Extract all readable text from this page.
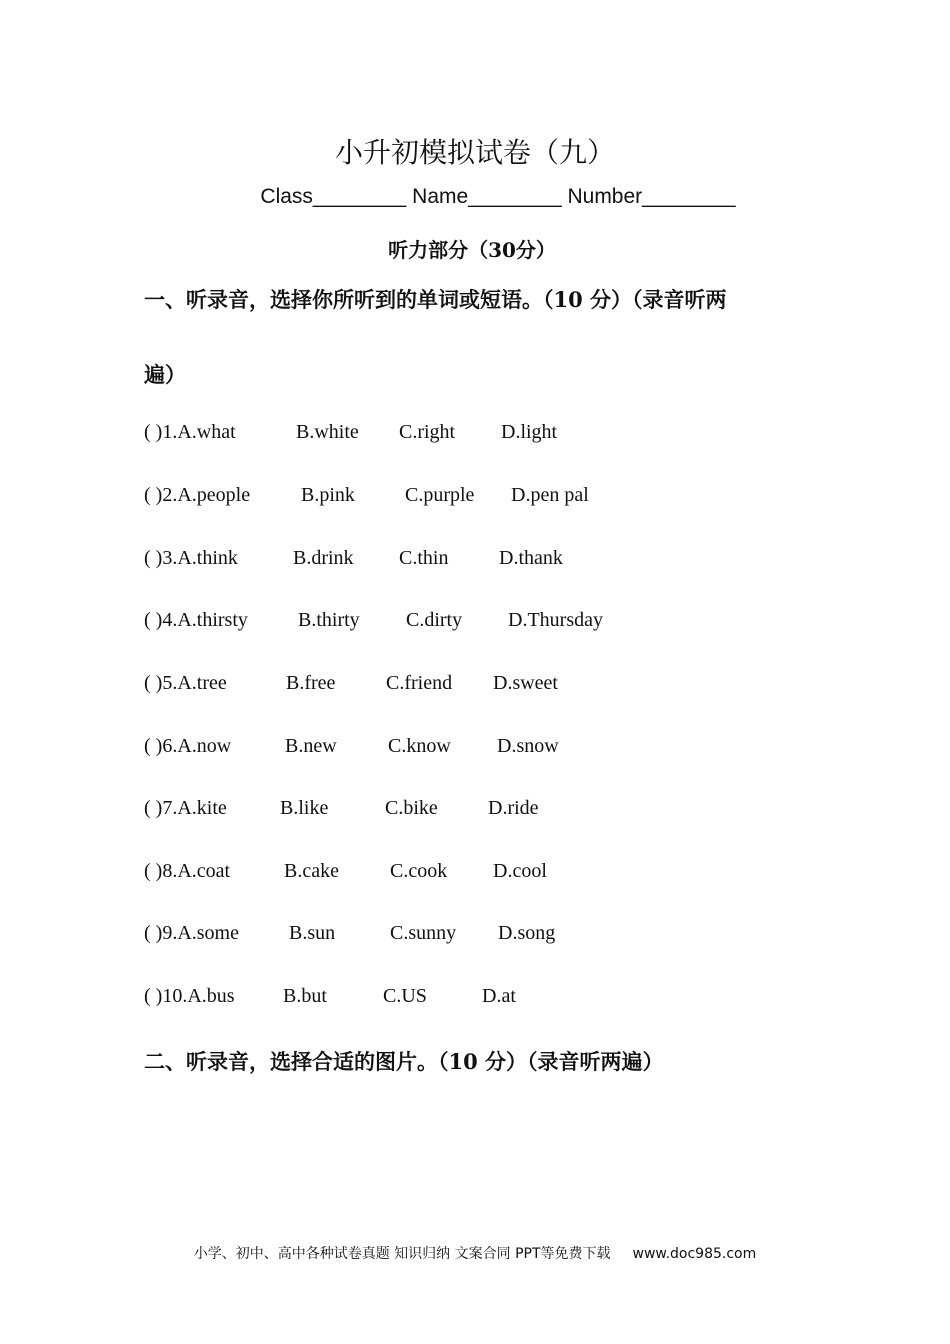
小升初模拟试卷（九）
Class________ Name________ Number________
听力部分（30分）
一、听录音，选择你所听到的单词或短语。（10 分）（录音听两
遍）
( )1.A.what	B.white C.right D.light
( )2.A.people	B.pink	C.purple D.pen pal
( )3.A.think	B.drink C.thin	D.thank
( )4.A.thirsty	B.thirty C.dirty D.Thursday
( )5.A.tree	B.free	C.friend D.sweet
( )6.A.now	B.new	C.know D.snow
( )7.A.kite	B.like	C.bike	D.ride
( )8.A.coat	B.cake	C.cook D.cool
( )9.A.some	B.sun	C.sunny D.song
( )10.A.bus B.but	C.US	D.at
二、听录音，选择合适的图片。（10 分）（录音听两遍）
小学、初中、高中各种试卷真题 知识归纳 文案合同 PPT等免费下载 www.doc985.com
